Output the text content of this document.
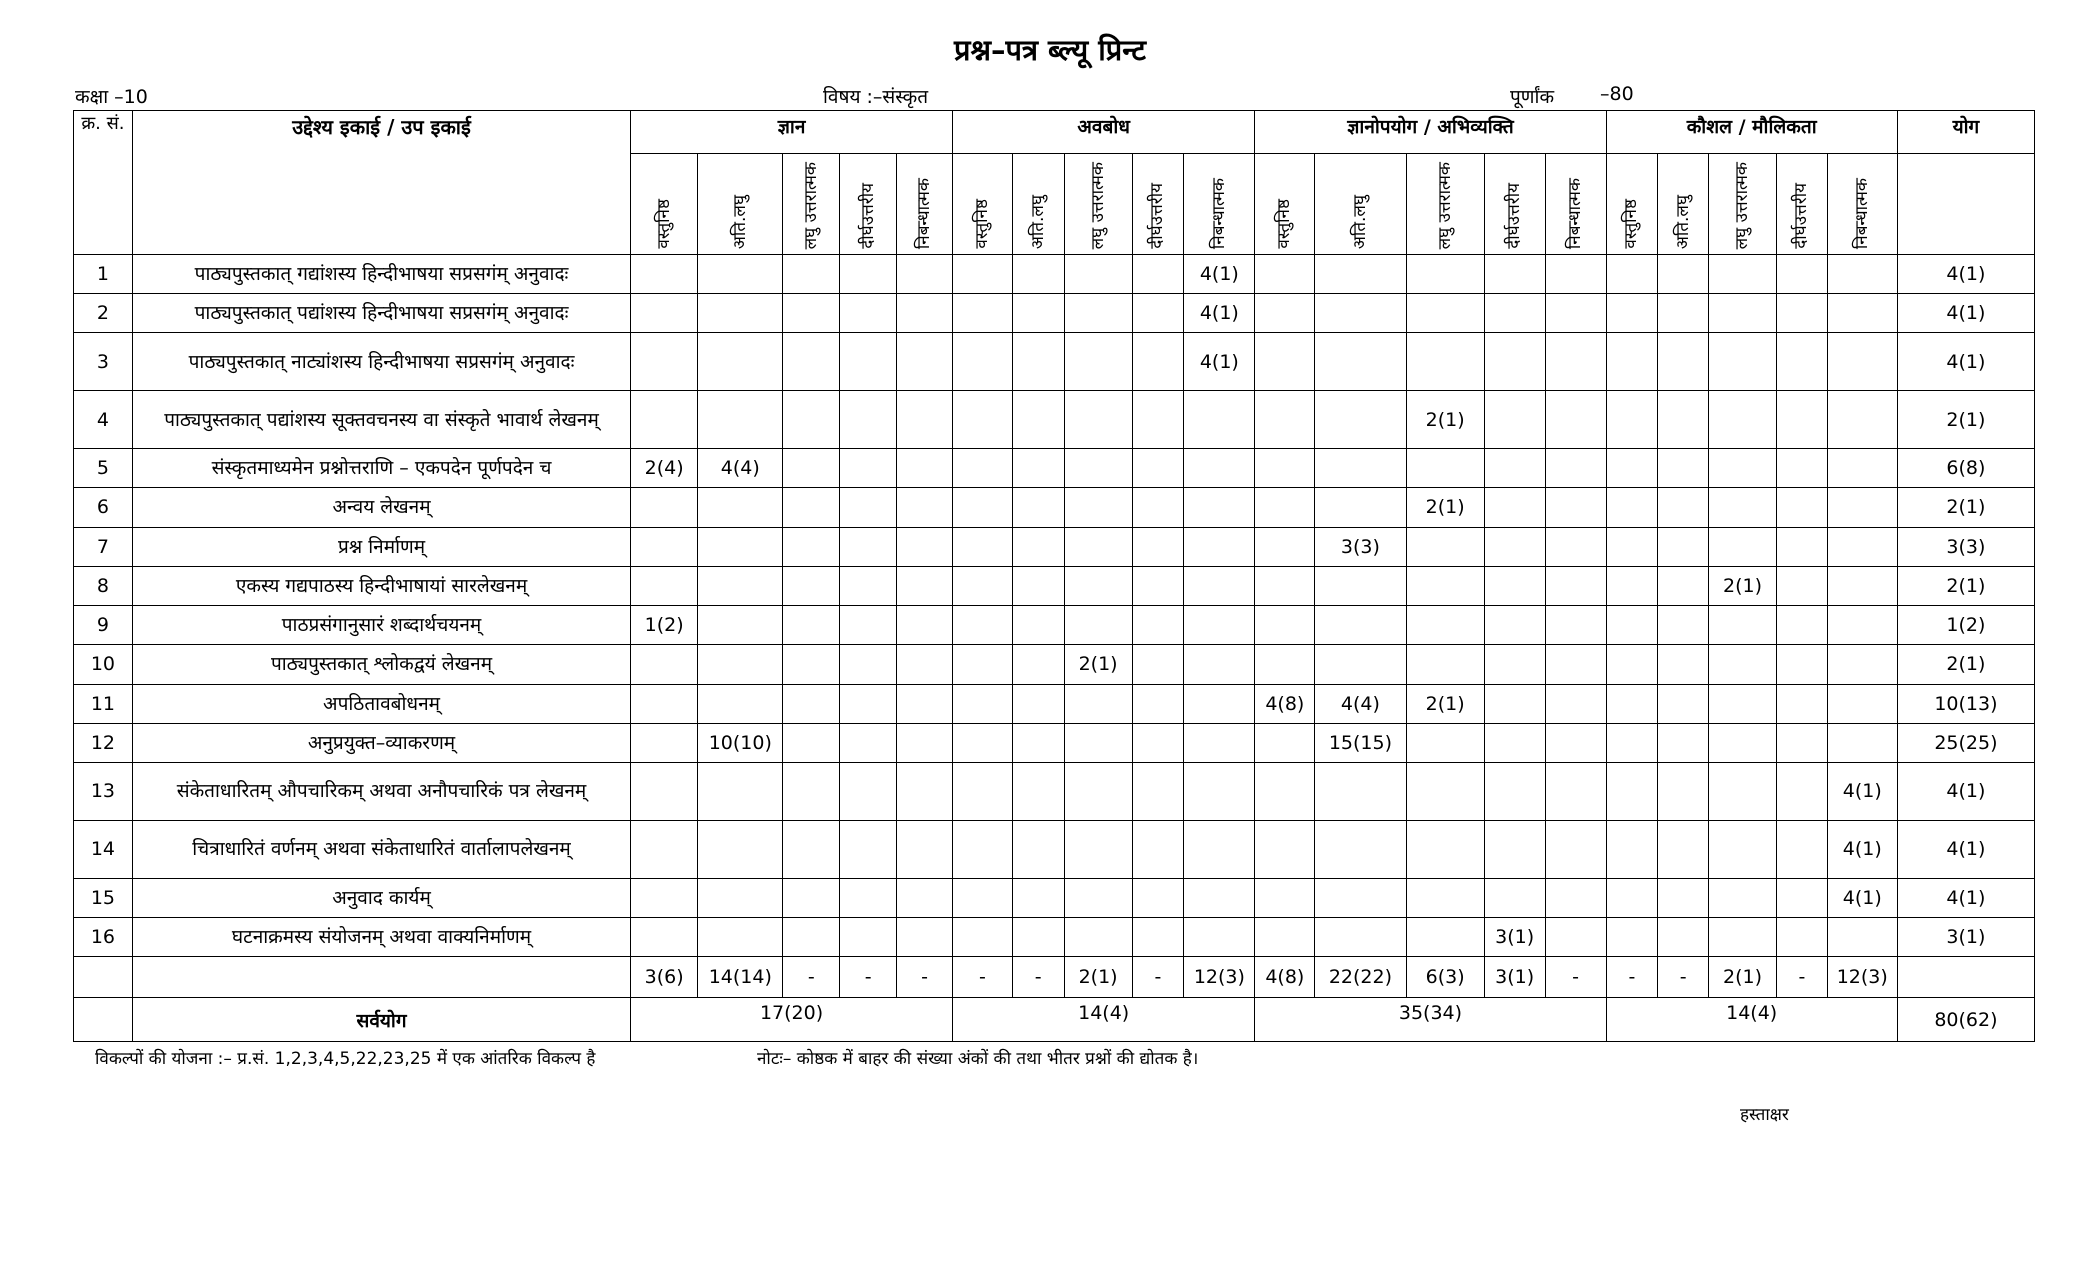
प्रश्न–पत्र ब्ल्यू प्रिन्ट
कक्षा –10	विषय :–संस्कृत	पूर्णांक –80
क्र. सं.	उद्देश्य इकाई / उप इकाई	ज्ञान					अवबोध					ज्ञानोपयोग / अभिव्यक्ति					कौशल / मौलिकता					योग
		वस्तुनिष्ठ	अति.लघु	लघु उत्तरात्मक	दीर्घउत्तरीय	निबन्धात्मक	वस्तुनिष्ठ	अति.लघु	लघु उत्तरात्मक	दीर्घउत्तरीय	निबन्धात्मक	वस्तुनिष्ठ	अति.लघु	लघु उत्तरात्मक	दीर्घउत्तरीय	निबन्धात्मक	वस्तुनिष्ठ	अति.लघु	लघु उत्तरात्मक	दीर्घउत्तरीय	निबन्धात्मक	
1	पाठ्यपुस्तकात् गद्यांशस्य हिन्दीभाषया सप्रसगंम् अनुवादः										4(1)											4(1)
2	पाठ्यपुस्तकात् पद्यांशस्य हिन्दीभाषया सप्रसगंम् अनुवादः										4(1)											4(1)
3	पाठ्यपुस्तकात् नाट्यांशस्य हिन्दीभाषया सप्रसगंम् अनुवादः										4(1)											4(1)
4	पाठ्यपुस्तकात् पद्यांशस्य सूक्तवचनस्य वा संस्कृते भावार्थ लेखनम्													2(1)								2(1)
5	संस्कृतमाध्यमेन प्रश्नोत्तराणि – एकपदेन पूर्णपदेन च	2(4)	4(4)																			6(8)
6	अन्वय लेखनम्													2(1)								2(1)
7	प्रश्न निर्माणम्												3(3)									3(3)
8	एकस्य गद्यपाठस्य हिन्दीभाषायां सारलेखनम्																		2(1)			2(1)
9	पाठप्रसंगानुसारं शब्दार्थचयनम्	1(2)																				1(2)
10	पाठ्यपुस्तकात् श्लोकद्वयं लेखनम्								2(1)													2(1)
11	अपठितावबोधनम्											4(8)	4(4)	2(1)								10(13)
12	अनुप्रयुक्त–व्याकरणम्		10(10)										15(15)									25(25)
13	संकेताधारितम् औपचारिकम् अथवा अनौपचारिकं पत्र लेखनम्																				4(1)	4(1)
14	चित्राधारितं वर्णनम् अथवा संकेताधारितं वार्तालापलेखनम्																				4(1)	4(1)
15	अनुवाद कार्यम्																				4(1)	4(1)
16	घटनाक्रमस्य संयोजनम् अथवा वाक्यनिर्माणम्														3(1)							3(1)
		3(6)	14(14)	-	-	-	-	-	2(1)	-	12(3)	4(8)	22(22)	6(3)	3(1)	-	-	-	2(1)	-	12(3)	
	सर्वयोग	17(20)					14(4)					35(34)					14(4)					80(62)
विकल्पों की योजना :– प्र.सं. 1,2,3,4,5,22,23,25 में एक आंतरिक विकल्प है	नोटः– कोष्ठक में बाहर की संख्या अंकों की तथा भीतर प्रश्नों की द्योतक है।
हस्ताक्षर
